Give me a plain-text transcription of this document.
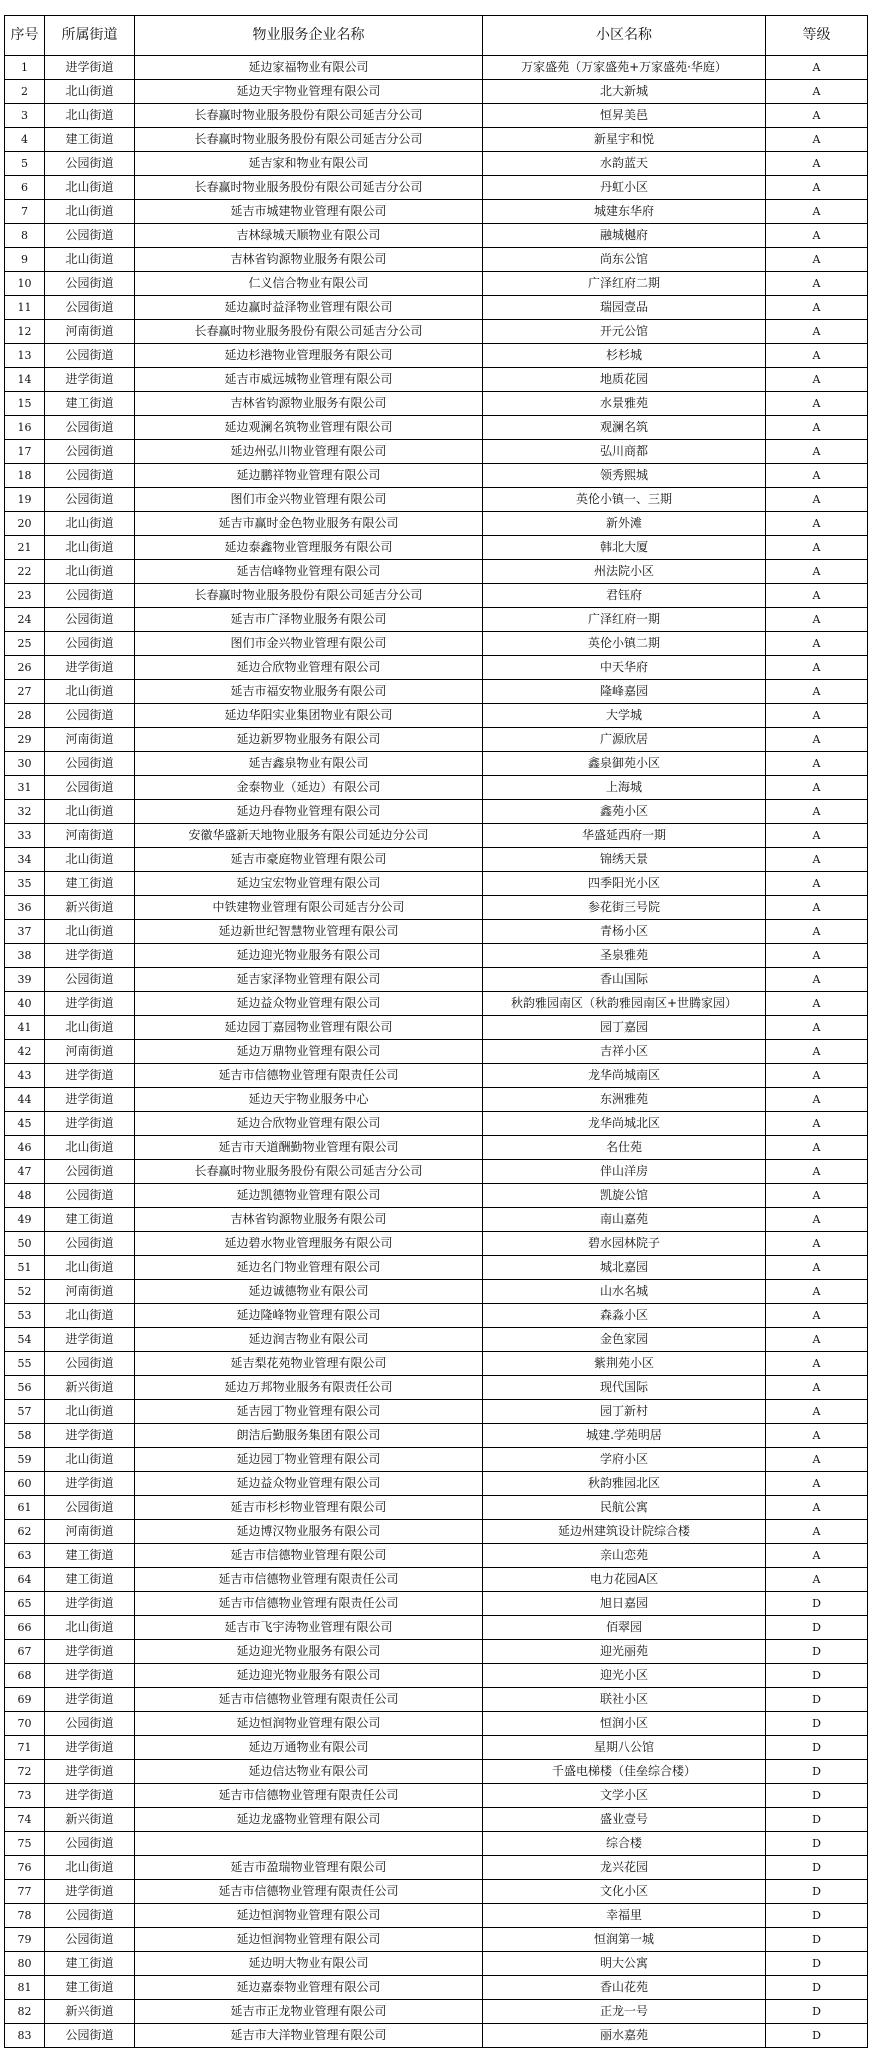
序号	所属街道	物业服务企业名称	小区名称	等级
1	进学街道	延边家福物业有限公司	万家盛苑（万家盛苑+万家盛苑·华庭）	A
2	北山街道	延边天宇物业管理有限公司	北大新城	A
3	北山街道	长春赢时物业服务股份有限公司延吉分公司	恒昇美邑	A
4	建工街道	长春赢时物业服务股份有限公司延吉分公司	新星宇和悦	A
5	公园街道	延吉家和物业有限公司	水韵蓝天	A
6	北山街道	长春赢时物业服务股份有限公司延吉分公司	丹虹小区	A
7	北山街道	延吉市城建物业管理有限公司	城建东华府	A
8	公园街道	吉林绿城天顺物业有限公司	融城樾府	A
9	北山街道	吉林省钧源物业服务有限公司	尚东公馆	A
10	公园街道	仁义信合物业有限公司	广泽红府二期	A
11	公园街道	延边赢时益泽物业管理有限公司	瑞园壹品	A
12	河南街道	长春赢时物业服务股份有限公司延吉分公司	开元公馆	A
13	公园街道	延边杉港物业管理服务有限公司	杉杉城	A
14	进学街道	延吉市威远城物业管理有限公司	地质花园	A
15	建工街道	吉林省钧源物业服务有限公司	水景雅苑	A
16	公园街道	延边观澜名筑物业管理有限公司	观澜名筑	A
17	公园街道	延边州弘川物业管理有限公司	弘川商都	A
18	公园街道	延边鹏祥物业管理有限公司	领秀熙城	A
19	公园街道	图们市金兴物业管理有限公司	英伦小镇一、三期	A
20	北山街道	延吉市赢时金色物业服务有限公司	新外滩	A
21	北山街道	延边泰鑫物业管理服务有限公司	韩北大厦	A
22	北山街道	延吉信峰物业管理有限公司	州法院小区	A
23	公园街道	长春赢时物业服务股份有限公司延吉分公司	君钰府	A
24	公园街道	延吉市广泽物业服务有限公司	广泽红府一期	A
25	公园街道	图们市金兴物业管理有限公司	英伦小镇二期	A
26	进学街道	延边合欣物业管理有限公司	中天华府	A
27	北山街道	延吉市福安物业服务有限公司	隆峰嘉园	A
28	公园街道	延边华阳实业集团物业有限公司	大学城	A
29	河南街道	延边新罗物业服务有限公司	广源欣居	A
30	公园街道	延吉鑫泉物业有限公司	鑫泉御苑小区	A
31	公园街道	金泰物业（延边）有限公司	上海城	A
32	北山街道	延边丹春物业管理有限公司	鑫苑小区	A
33	河南街道	安徽华盛新天地物业服务有限公司延边分公司	华盛延西府一期	A
34	北山街道	延吉市豪庭物业管理有限公司	锦绣天景	A
35	建工街道	延边宝宏物业管理有限公司	四季阳光小区	A
36	新兴街道	中铁建物业管理有限公司延吉分公司	参花街三号院	A
37	北山街道	延边新世纪智慧物业管理有限公司	青杨小区	A
38	进学街道	延边迎光物业服务有限公司	圣泉雅苑	A
39	公园街道	延吉家泽物业管理有限公司	香山国际	A
40	进学街道	延边益众物业管理有限公司	秋韵雅园南区（秋韵雅园南区+世腾家园）	A
41	北山街道	延边园丁嘉园物业管理有限公司	园丁嘉园	A
42	河南街道	延边万鼎物业管理有限公司	吉祥小区	A
43	进学街道	延吉市信德物业管理有限责任公司	龙华尚城南区	A
44	进学街道	延边天宇物业服务中心	东洲雅苑	A
45	进学街道	延边合欣物业管理有限公司	龙华尚城北区	A
46	北山街道	延吉市天道酬勤物业管理有限公司	名仕苑	A
47	公园街道	长春赢时物业服务股份有限公司延吉分公司	伴山洋房	A
48	公园街道	延边凯德物业管理有限公司	凯旋公馆	A
49	建工街道	吉林省钧源物业服务有限公司	南山嘉苑	A
50	公园街道	延边碧水物业管理服务有限公司	碧水园林院子	A
51	北山街道	延边名门物业管理有限公司	城北嘉园	A
52	河南街道	延边诚德物业有限公司	山水名城	A
53	北山街道	延边隆峰物业管理有限公司	森淼小区	A
54	进学街道	延边润吉物业有限公司	金色家园	A
55	公园街道	延吉梨花苑物业管理有限公司	紫荆苑小区	A
56	新兴街道	延边万邦物业服务有限责任公司	现代国际	A
57	北山街道	延吉园丁物业管理有限公司	园丁新村	A
58	进学街道	朗洁后勤服务集团有限公司	城建.学苑明居	A
59	北山街道	延边园丁物业管理有限公司	学府小区	A
60	进学街道	延边益众物业管理有限公司	秋韵雅园北区	A
61	公园街道	延吉市杉杉物业管理有限公司	民航公寓	A
62	河南街道	延边博汉物业服务有限公司	延边州建筑设计院综合楼	A
63	建工街道	延吉市信德物业管理有限公司	亲山恋苑	A
64	建工街道	延吉市信德物业管理有限责任公司	电力花园A区	A
65	进学街道	延吉市信德物业管理有限责任公司	旭日嘉园	D
66	北山街道	延吉市飞宇涛物业管理有限公司	佰翠园	D
67	进学街道	延边迎光物业服务有限公司	迎光丽苑	D
68	进学街道	延边迎光物业服务有限公司	迎光小区	D
69	进学街道	延吉市信德物业管理有限责任公司	联社小区	D
70	公园街道	延边恒润物业管理有限公司	恒润小区	D
71	进学街道	延边万通物业有限公司	星期八公馆	D
72	进学街道	延边信达物业有限公司	千盛电梯楼（佳垒综合楼）	D
73	进学街道	延吉市信德物业管理有限责任公司	文学小区	D
74	新兴街道	延边龙盛物业管理有限公司	盛业壹号	D
75	公园街道		综合楼	D
76	北山街道	延吉市盈瑞物业管理有限公司	龙兴花园	D
77	进学街道	延吉市信德物业管理有限责任公司	文化小区	D
78	公园街道	延边恒润物业管理有限公司	幸福里	D
79	公园街道	延边恒润物业管理有限公司	恒润第一城	D
80	建工街道	延边明大物业有限公司	明大公寓	D
81	建工街道	延边嘉泰物业管理有限公司	香山花苑	D
82	新兴街道	延吉市正龙物业管理有限公司	正龙一号	D
83	公园街道	延吉市大洋物业管理有限公司	丽水嘉苑	D
